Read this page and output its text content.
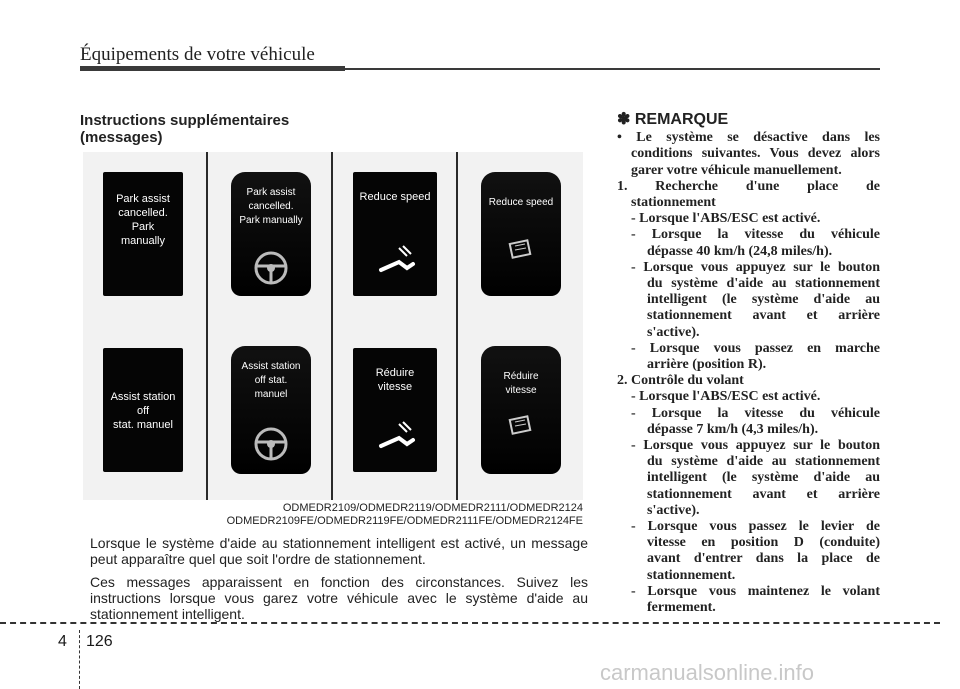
Équipements de votre véhicule
Instructions supplémentaires
(messages)
Park assist
cancelled.
Park manually
Park assist
cancelled.
Park manually
Reduce speed	Reduce speed
Assist station off
stat. manuel
Assist station
off stat. manuel
Réduire vitesse
Réduire vitesse
ODMEDR2109/ODMEDR2119/ODMEDR2111/ODMEDR2124
ODMEDR2109FE/ODMEDR2119FE/ODMEDR2111FE/ODMEDR2124FE

Lorsque le système d'aide au stationnement intelligent est activé, un message peut apparaître quel que soit l'ordre de stationnement.

Ces messages apparaissent en fonction des circonstances. Suivez les instructions lorsque vous garez votre véhicule avec le système d'aide au stationnement intelligent.

✽ REMARQUE
• Le système se désactive dans les
conditions suivantes. Vous devez alors
garer votre véhicule manuellement.
1. Recherche d'une place de
stationnement
- Lorsque l'ABS/ESC est activé.
- Lorsque la vitesse du véhicule
dépasse 40 km/h (24,8 miles/h).
- Lorsque vous appuyez sur le bouton
du système d'aide au stationnement
intelligent (le système d'aide au
stationnement avant et arrière
s'active).
- Lorsque vous passez en marche
arrière (position R).
2. Contrôle du volant
- Lorsque l'ABS/ESC est activé.
- Lorsque la vitesse du véhicule
dépasse 7 km/h (4,3 miles/h).
- Lorsque vous appuyez sur le bouton
du système d'aide au stationnement
intelligent (le système d'aide au
stationnement avant et arrière
s'active).
- Lorsque vous passez le levier de
vitesse en position D (conduite)
avant d'entrer dans la place de
stationnement.
- Lorsque vous maintenez le volant
fermement.
4 126
carmanualsonline.info
